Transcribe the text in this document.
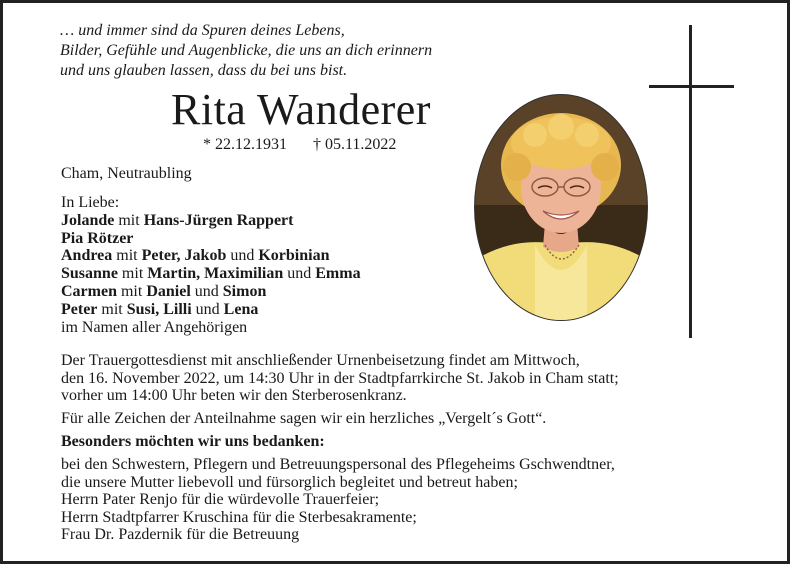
… und immer sind da Spuren deines Lebens,
Bilder, Gefühle und Augenblicke, die uns an dich erinnern
und uns glauben lassen, dass du bei uns bist.
Rita Wanderer
* 22.12.1931 † 05.11.2022
Cham, Neutraubling
In Liebe:
Jolande mit Hans-Jürgen Rappert
Pia Rötzer
Andrea mit Peter, Jakob und Korbinian
Susanne mit Martin, Maximilian und Emma
Carmen mit Daniel und Simon
Peter mit Susi, Lilli und Lena
im Namen aller Angehörigen
Der Trauergottesdienst mit anschließender Urnenbeisetzung findet am Mittwoch,
den 16. November 2022, um 14:30 Uhr in der Stadtpfarrkirche St. Jakob in Cham statt;
vorher um 14:00 Uhr beten wir den Sterberosenkranz.
Für alle Zeichen der Anteilnahme sagen wir ein herzliches „Vergelt´s Gott“.
Besonders möchten wir uns bedanken:
bei den Schwestern, Pflegern und Betreuungspersonal des Pflegeheims Gschwendtner,
die unsere Mutter liebevoll und fürsorglich begleitet und betreut haben;
Herrn Pater Renjo für die würdevolle Trauerfeier;
Herrn Stadtpfarrer Kruschina für die Sterbesakramente;
Frau Dr. Pazdernik für die Betreuung
